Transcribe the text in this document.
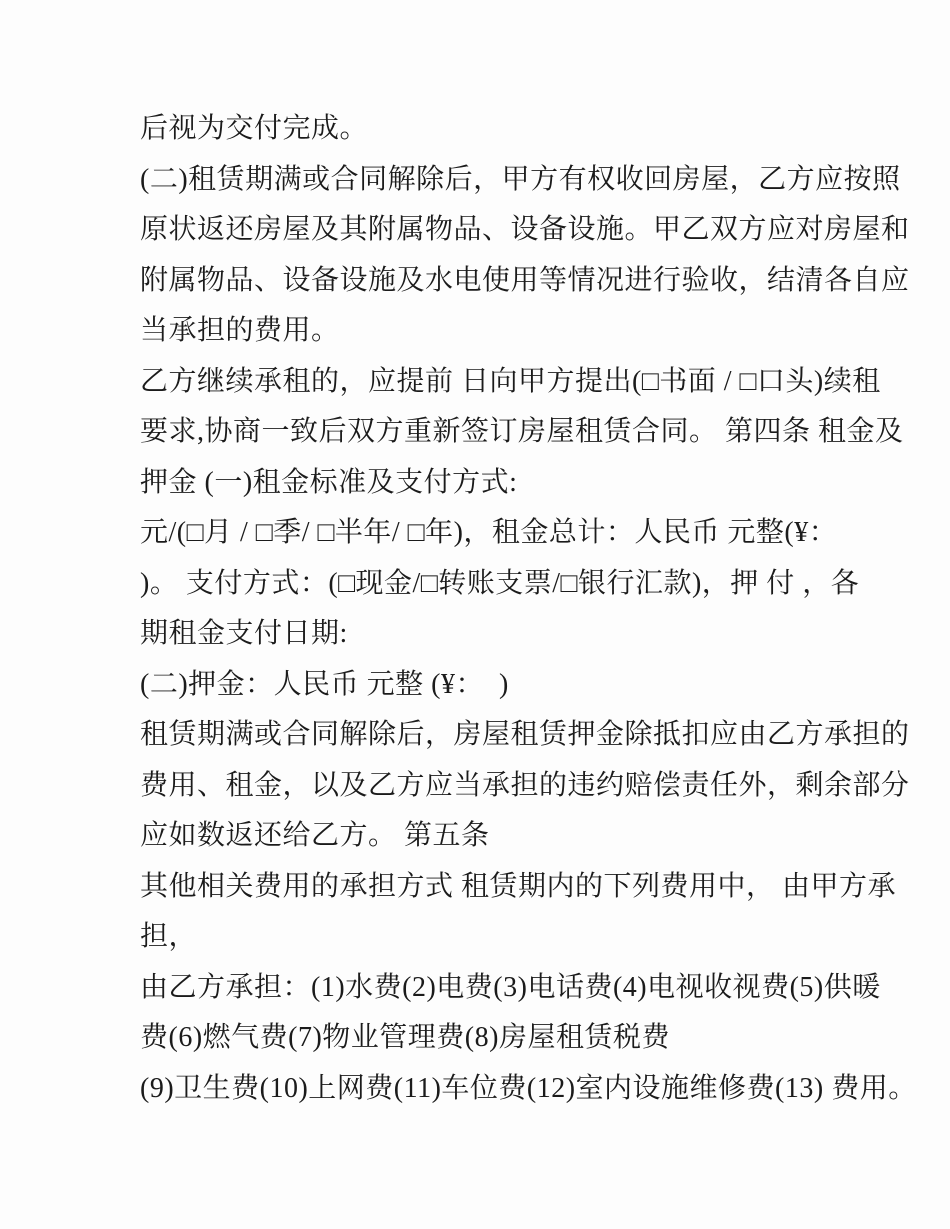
后视为交付完成。
(二)租赁期满或合同解除后，甲方有权收回房屋，乙方应按照
原状返还房屋及其附属物品、设备设施。甲乙双方应对房屋和
附属物品、设备设施及水电使用等情况进行验收，结清各自应
当承担的费用。
乙方继续承租的，应提前 日向甲方提出(□书面 / □口头)续租
要求,协商一致后双方重新签订房屋租赁合同。 第四条 租金及
押金 (一)租金标准及支付方式:
元/(□月 / □季/ □半年/ □年)，租金总计：人民币 元整(¥：
)。 支付方式：(□现金/□转账支票/□银行汇款)，押 付 ，各
期租金支付日期:
(二)押金：人民币 元整 (¥：  )
租赁期满或合同解除后，房屋租赁押金除抵扣应由乙方承担的
费用、租金，以及乙方应当承担的违约赔偿责任外，剩余部分
应如数返还给乙方。 第五条
其他相关费用的承担方式 租赁期内的下列费用中， 由甲方承
担，
由乙方承担：(1)水费(2)电费(3)电话费(4)电视收视费(5)供暖
费(6)燃气费(7)物业管理费(8)房屋租赁税费
(9)卫生费(10)上网费(11)车位费(12)室内设施维修费(13) 费用。
